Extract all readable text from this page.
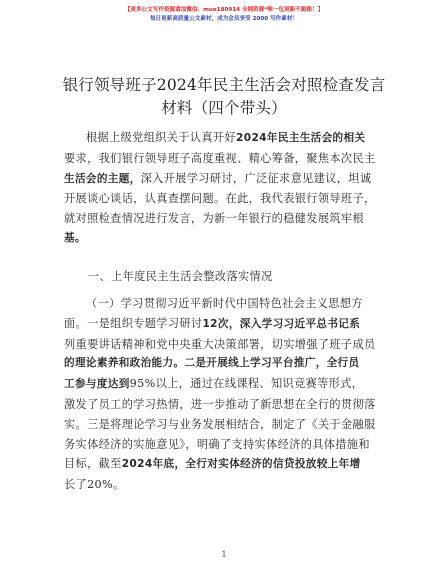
【更多公文写作资源请加微信：mue180914 全网资源*唯一包更新不跑路！】
每日更新高质量公文素材，成为会员享受 2000 写作素材！
银行领导班子2024年民主生活会对照检查发言
材料（四个带头）
根据上级党组织关于认真开好2024年民主生活会的相关
要求，我们银行领导班子高度重视、精心筹备，聚焦本次民主
生活会的主题，深入开展学习研讨，广泛征求意见建议，坦诚
开展谈心谈话，认真查摆问题。在此，我代表银行领导班子，
就对照检查情况进行发言，为新一年银行的稳健发展筑牢根
基。
一、上年度民主生活会整改落实情况
（一）学习贯彻习近平新时代中国特色社会主义思想方
面。一是组织专题学习研讨12次，深入学习习近平总书记系
列重要讲话精神和党中央重大决策部署，切实增强了班子成员
的理论素养和政治能力。二是开展线上学习平台推广，全行员
工参与度达到95%以上，通过在线课程、知识竞赛等形式，
激发了员工的学习热情，进一步推动了新思想在全行的贯彻落
实。三是将理论学习与业务发展相结合，制定了《关于金融服
务实体经济的实施意见》，明确了支持实体经济的具体措施和
目标，截至2024年底，全行对实体经济的信贷投放较上年增
长了20%。
1
